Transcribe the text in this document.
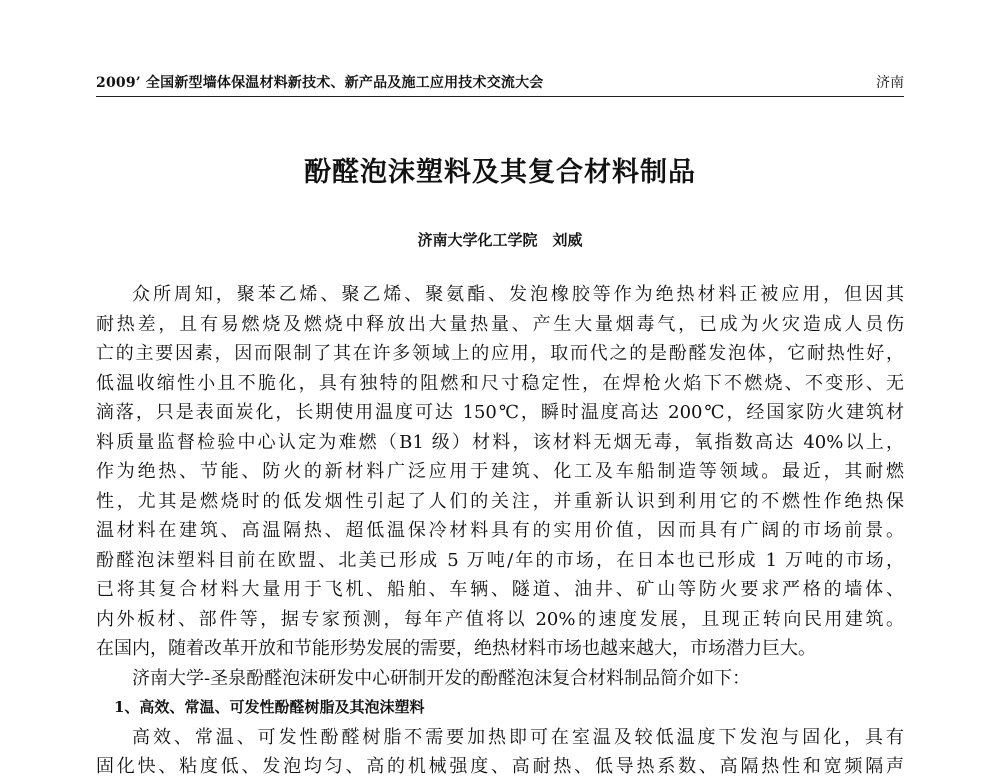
2009’ 全国新型墙体保温材料新技术、新产品及施工应用技术交流大会	济南
酚醛泡沫塑料及其复合材料制品
济南大学化工学院　刘威
众所周知，聚苯乙烯、聚乙烯、聚氨酯、发泡橡胶等作为绝热材料正被应用，但因其
耐热差，且有易燃烧及燃烧中释放出大量热量、产生大量烟毒气，已成为火灾造成人员伤
亡的主要因素，因而限制了其在许多领域上的应用，取而代之的是酚醛发泡体，它耐热性好，
低温收缩性小且不脆化，具有独特的阻燃和尺寸稳定性，在焊枪火焰下不燃烧、不变形、无
滴落，只是表面炭化，长期使用温度可达 150℃，瞬时温度高达 200℃，经国家防火建筑材
料质量监督检验中心认定为难燃（B1 级）材料，该材料无烟无毒，氧指数高达 40%以上，
作为绝热、节能、防火的新材料广泛应用于建筑、化工及车船制造等领域。最近，其耐燃
性，尤其是燃烧时的低发烟性引起了人们的关注，并重新认识到利用它的不燃性作绝热保
温材料在建筑、高温隔热、超低温保冷材料具有的实用价值，因而具有广阔的市场前景。
酚醛泡沫塑料目前在欧盟、北美已形成 5 万吨/年的市场，在日本也已形成 1 万吨的市场，
已将其复合材料大量用于飞机、船舶、车辆、隧道、油井、矿山等防火要求严格的墙体、
内外板材、部件等，据专家预测，每年产值将以 20%的速度发展，且现正转向民用建筑。
在国内，随着改革开放和节能形势发展的需要，绝热材料市场也越来越大，市场潜力巨大。
济南大学-圣泉酚醛泡沫研发中心研制开发的酚醛泡沫复合材料制品简介如下：
1、高效、常温、可发性酚醛树脂及其泡沫塑料
高效、常温、可发性酚醛树脂不需要加热即可在室温及较低温度下发泡与固化，具有
固化快、粘度低、发泡均匀、高的机械强度、高耐热、低导热系数、高隔热性和宽频隔声
